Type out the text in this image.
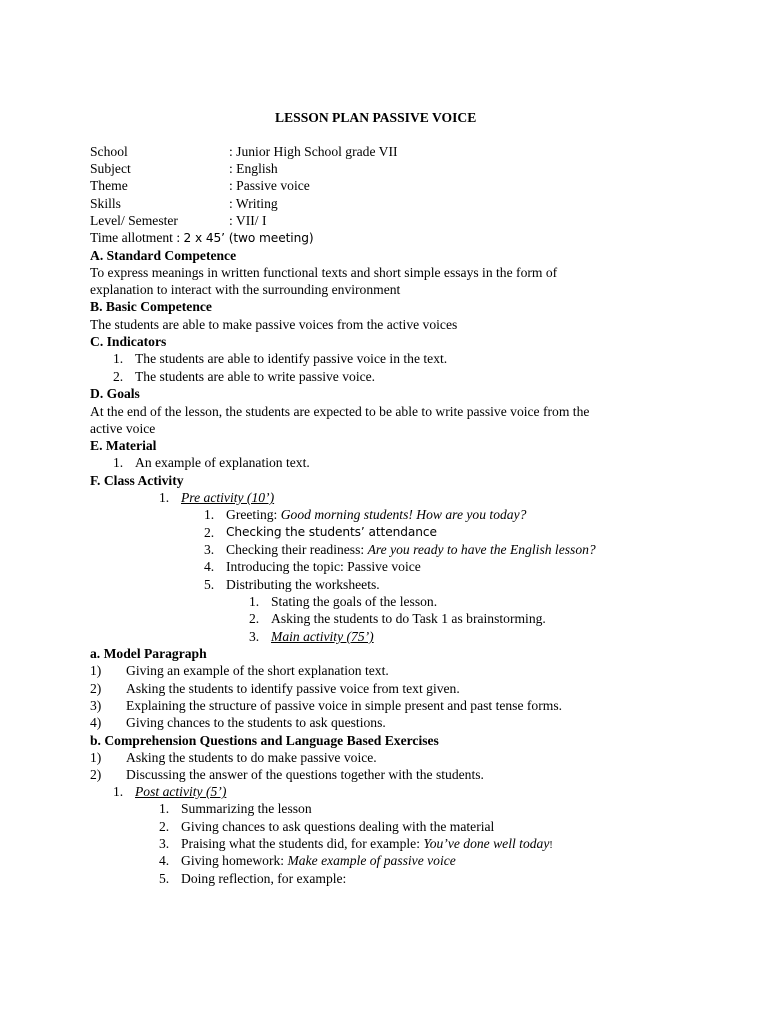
LESSON PLAN PASSIVE VOICE
School	: Junior High School grade VII
Subject	: English
Theme	: Passive voice
Skills	: Writing
Level/ Semester	: VII/ I
Time allotment : 2 x 45’ (two meeting)
A. Standard Competence
To express meanings in written functional texts and short simple essays in the form of
explanation to interact with the surrounding environment
B. Basic Competence
The students are able to make passive voices from the active voices
C. Indicators
1. The students are able to identify passive voice in the text.
2. The students are able to write passive voice.
D. Goals
At the end of the lesson, the students are expected to be able to write passive voice from the
active voice
E. Material
1. An example of explanation text.
F. Class Activity
1. Pre activity (10’)
1. Greeting: Good morning students! How are you today?
2. Checking the students’ attendance
3. Checking their readiness: Are you ready to have the English lesson?
4. Introducing the topic: Passive voice
5. Distributing the worksheets.
1. Stating the goals of the lesson.
2. Asking the students to do Task 1 as brainstorming.
3. Main activity (75’)
a. Model Paragraph
1) Giving an example of the short explanation text.
2) Asking the students to identify passive voice from text given.
3) Explaining the structure of passive voice in simple present and past tense forms.
4) Giving chances to the students to ask questions.
b. Comprehension Questions and Language Based Exercises
1) Asking the students to do make passive voice.
2) Discussing the answer of the questions together with the students.
1. Post activity (5’)
1. Summarizing the lesson
2. Giving chances to ask questions dealing with the material
3. Praising what the students did, for example: You’ve done well today!
4. Giving homework: Make example of passive voice
5. Doing reflection, for example:
